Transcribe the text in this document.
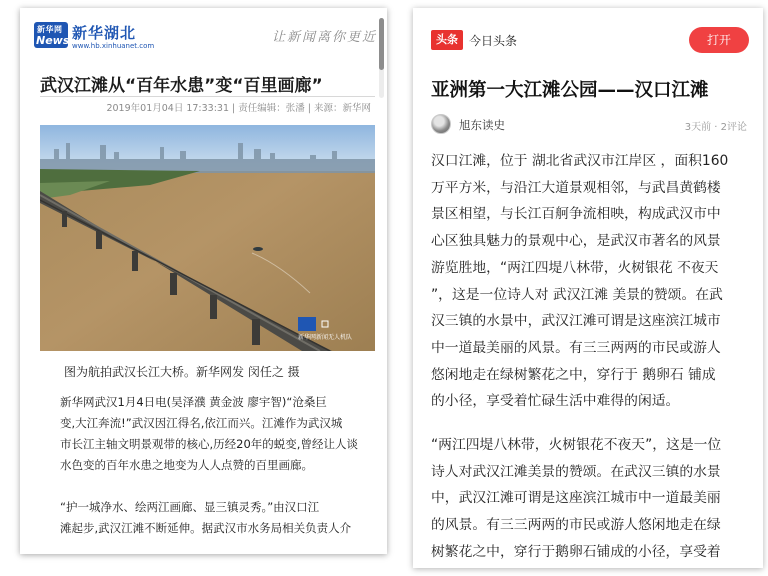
新华网
News 新华湖北
www.hb.xinhuanet.com
让新闻离你更近
武汉江滩从“百年水患”变“百里画廊”
2019年01月04日 17:33:31 | 责任编辑：张潘 | 来源：新华网
新华网新闻无人机队

图为航拍武汉长江大桥。新华网发 闵任之 摄

新华网武汉1月4日电(吴泽濮 黄金波 廖宇智)“沧桑巨
变,大江奔流!”武汉因江得名,依江而兴。江滩作为武汉城
市长江主轴文明景观带的核心,历经20年的蜕变,曾经让人谈
水色变的百年水患之地变为人人点赞的百里画廊。
“护一城净水、绘两江画廊、显三镇灵秀。”由汉口江
滩起步,武汉江滩不断延伸。据武汉市水务局相关负责人介
头条 今日头条	打开
亚洲第一大江滩公园——汉口江滩
旭东读史	3天前 · 2评论
汉口江滩，位于 湖北省武汉市江岸区 ，面积160
万平方米，与沿江大道景观相邻，与武昌黄鹤楼
景区相望，与长江百舸争流相映，构成武汉市中
心区独具魅力的景观中心，是武汉市著名的风景
游览胜地，“两江四堤八林带，火树银花 不夜天
”，这是一位诗人对 武汉江滩 美景的赞颂。在武
汉三镇的水景中，武汉江滩可谓是这座滨江城市
中一道最美丽的风景。有三三两两的市民或游人
悠闲地走在绿树繁花之中，穿行于 鹅卵石 铺成
的小径，享受着忙碌生活中难得的闲适。
“两江四堤八林带，火树银花不夜天”，这是一位
诗人对武汉江滩美景的赞颂。在武汉三镇的水景
中，武汉江滩可谓是这座滨江城市中一道最美丽
的风景。有三三两两的市民或游人悠闲地走在绿
树繁花之中，穿行于鹅卵石铺成的小径，享受着
